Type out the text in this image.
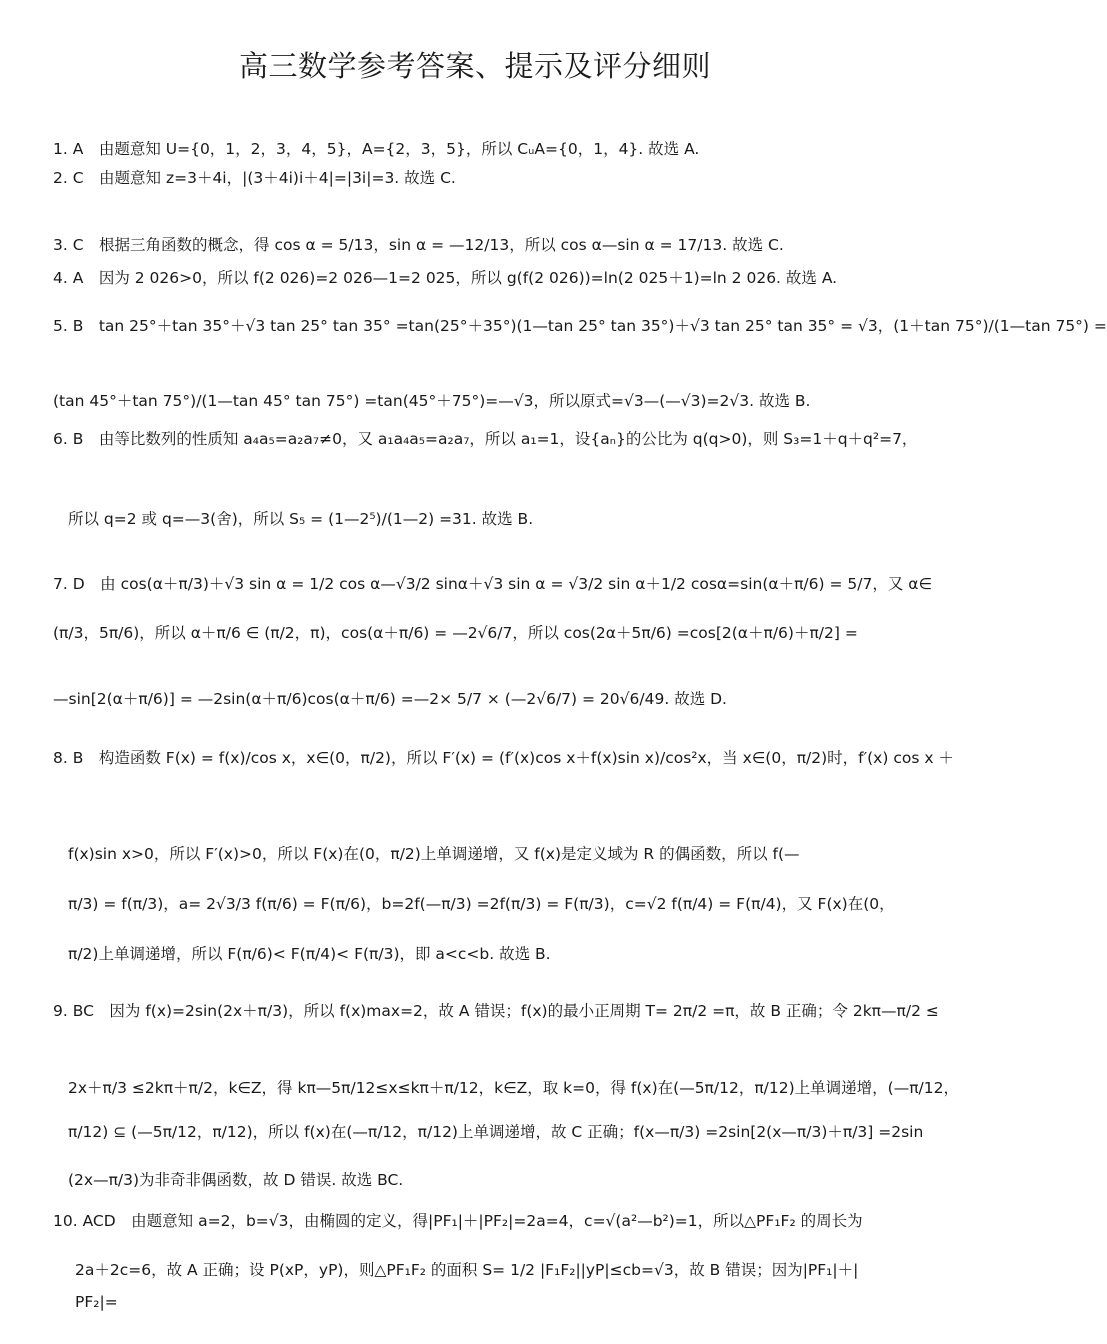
高三数学参考答案、提示及评分细则
1. A　由题意知 U={0，1，2，3，4，5}，A={2，3，5}，所以 CᵤA={0，1，4}. 故选 A.
2. C　由题意知 z=3＋4i，|(3＋4i)i＋4|=|3i|=3. 故选 C.
3. C　根据三角函数的概念，得 cos α = 5/13，sin α = —12/13，所以 cos α—sin α = 17/13. 故选 C.
4. A　因为 2 026>0，所以 f(2 026)=2 026—1=2 025，所以 g(f(2 026))=ln(2 025＋1)=ln 2 026. 故选 A.
5. B　tan 25°＋tan 35°＋√3 tan 25° tan 35° =tan(25°＋35°)(1—tan 25° tan 35°)＋√3 tan 25° tan 35° = √3，(1＋tan 75°)/(1—tan 75°) =
(tan 45°＋tan 75°)/(1—tan 45° tan 75°) =tan(45°＋75°)=—√3，所以原式=√3—(—√3)=2√3. 故选 B.
6. B　由等比数列的性质知 a₄a₅=a₂a₇≠0，又 a₁a₄a₅=a₂a₇，所以 a₁=1，设{aₙ}的公比为 q(q>0)，则 S₃=1＋q＋q²=7，
所以 q=2 或 q=—3(舍)，所以 S₅ = (1—2⁵)/(1—2) =31. 故选 B.
7. D　由 cos(α＋π/3)＋√3 sin α = 1/2 cos α—√3/2 sinα＋√3 sin α = √3/2 sin α＋1/2 cosα=sin(α＋π/6) = 5/7，又 α∈
(π/3，5π/6)，所以 α＋π/6 ∈ (π/2，π)，cos(α＋π/6) = —2√6/7，所以 cos(2α＋5π/6) =cos[2(α＋π/6)＋π/2] =
—sin[2(α＋π/6)] = —2sin(α＋π/6)cos(α＋π/6) =—2× 5/7 × (—2√6/7) = 20√6/49. 故选 D.
8. B　构造函数 F(x) = f(x)/cos x，x∈(0，π/2)，所以 F′(x) = (f′(x)cos x＋f(x)sin x)/cos²x，当 x∈(0，π/2)时，f′(x) cos x ＋
f(x)sin x>0，所以 F′(x)>0，所以 F(x)在(0，π/2)上单调递增，又 f(x)是定义域为 R 的偶函数，所以 f(—
π/3) = f(π/3)，a= 2√3/3 f(π/6) = F(π/6)，b=2f(—π/3) =2f(π/3) = F(π/3)，c=√2 f(π/4) = F(π/4)，又 F(x)在(0，
π/2)上单调递增，所以 F(π/6)< F(π/4)< F(π/3)，即 a<c<b. 故选 B.
9. BC　因为 f(x)=2sin(2x＋π/3)，所以 f(x)max=2，故 A 错误；f(x)的最小正周期 T= 2π/2 =π，故 B 正确；令 2kπ—π/2 ≤
2x＋π/3 ≤2kπ＋π/2，k∈Z，得 kπ—5π/12≤x≤kπ＋π/12，k∈Z，取 k=0，得 f(x)在(—5π/12，π/12)上单调递增，(—π/12，
π/12) ⊆ (—5π/12，π/12)，所以 f(x)在(—π/12，π/12)上单调递增，故 C 正确；f(x—π/3) =2sin[2(x—π/3)＋π/3] =2sin
(2x—π/3)为非奇非偶函数，故 D 错误. 故选 BC.
10. ACD　由题意知 a=2，b=√3，由椭圆的定义，得|PF₁|＋|PF₂|=2a=4，c=√(a²—b²)=1，所以△PF₁F₂ 的周长为
2a＋2c=6，故 A 正确；设 P(xP，yP)，则△PF₁F₂ 的面积 S= 1/2 |F₁F₂||yP|≤cb=√3，故 B 错误；因为|PF₁|＋|
PF₂|=
